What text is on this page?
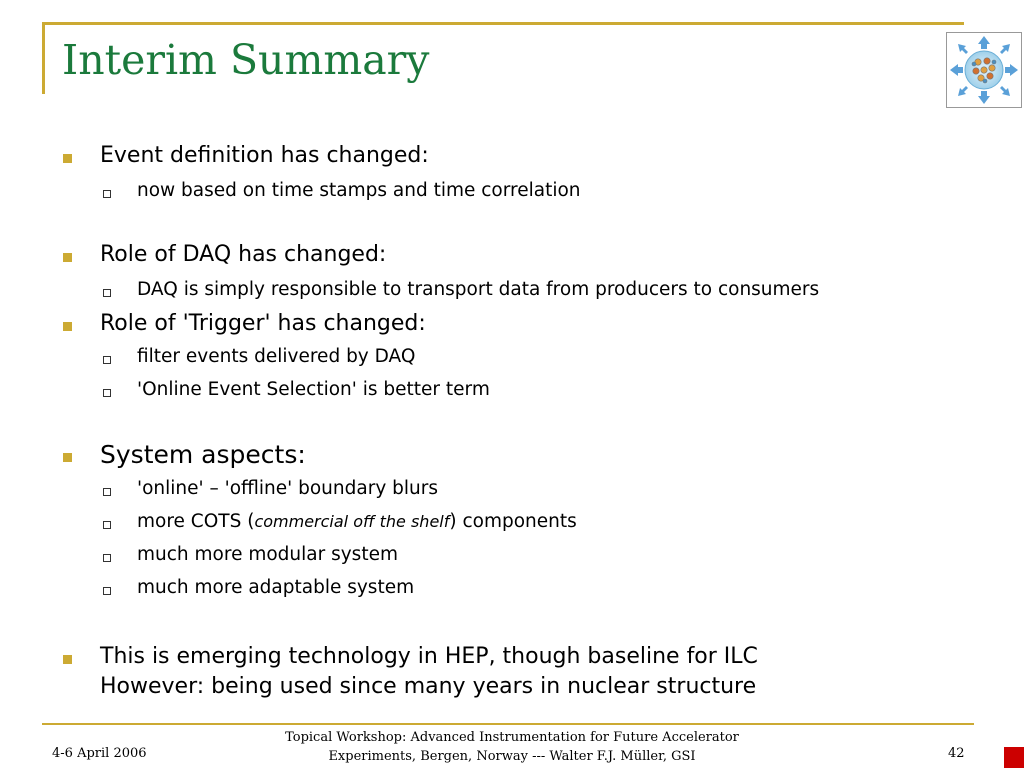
Interim Summary
Event definition has changed:
now based on time stamps and time correlation
Role of DAQ has changed:
DAQ is simply responsible to transport data from producers to consumers
Role of 'Trigger' has changed:
filter events delivered by DAQ
'Online Event Selection' is better term
System aspects:
'online' – 'offline' boundary blurs
more COTS (commercial off the shelf) components
much more modular system
much more adaptable system
This is emerging technology in HEP, though baseline for ILC
However: being used since many years in nuclear structure
4-6 April 2006
Topical Workshop: Advanced Instrumentation for Future Accelerator
Experiments, Bergen, Norway --- Walter F.J. Müller, GSI	42
